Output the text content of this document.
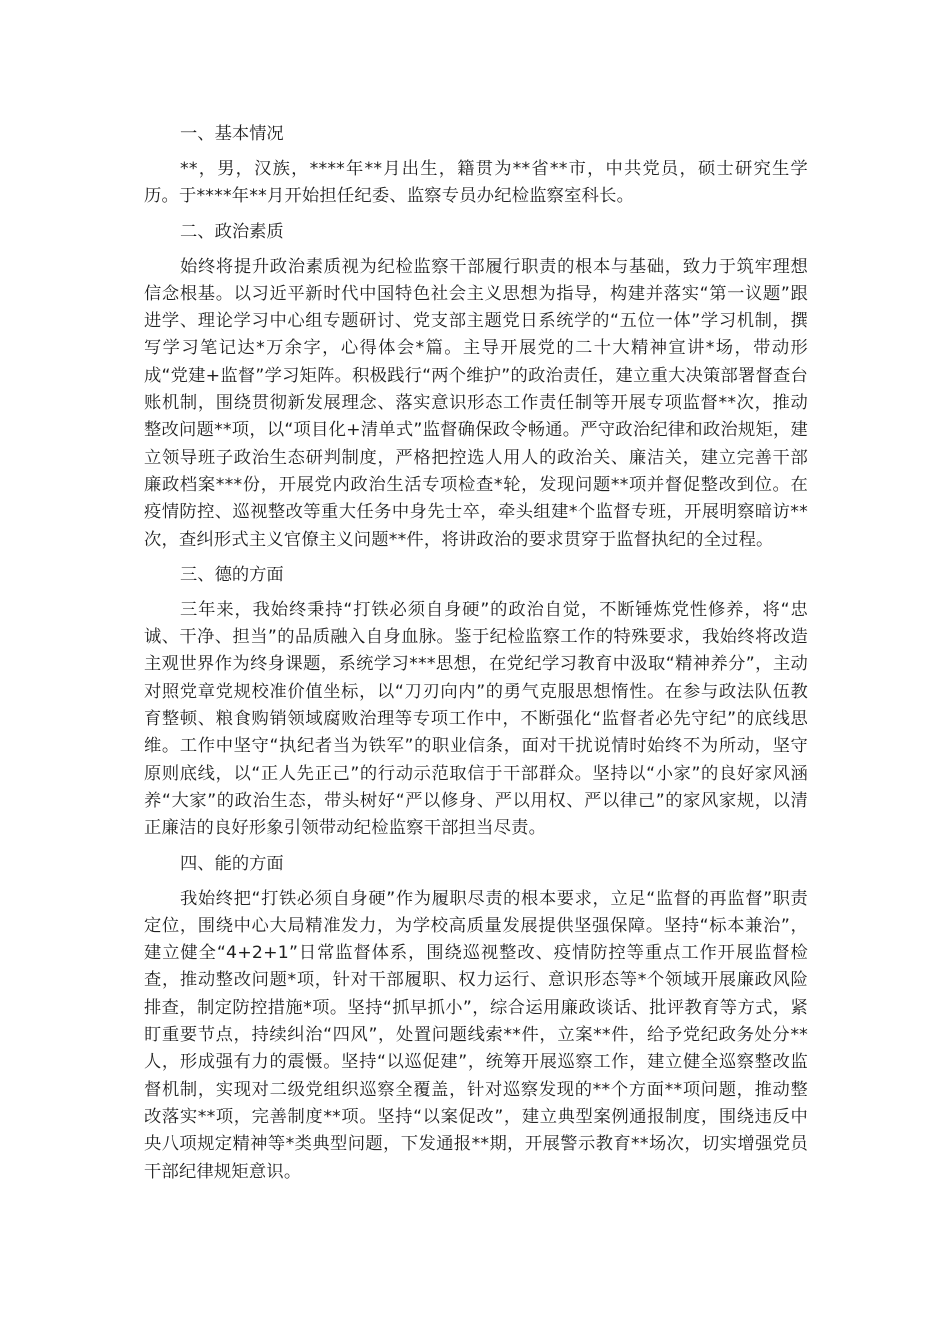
一、基本情况

**，男，汉族，****年**月出生，籍贯为**省**市，中共党员，硕士研究生学历。于****年**月开始担任纪委、监察专员办纪检监察室科长。

二、政治素质

始终将提升政治素质视为纪检监察干部履行职责的根本与基础，致力于筑牢理想信念根基。以习近平新时代中国特色社会主义思想为指导，构建并落实“第一议题”跟进学、理论学习中心组专题研讨、党支部主题党日系统学的“五位一体”学习机制，撰写学习笔记达*万余字，心得体会*篇。主导开展党的二十大精神宣讲*场，带动形成“党建+监督”学习矩阵。积极践行“两个维护”的政治责任，建立重大决策部署督查台账机制，围绕贯彻新发展理念、落实意识形态工作责任制等开展专项监督**次，推动整改问题**项，以“项目化+清单式”监督确保政令畅通。严守政治纪律和政治规矩，建立领导班子政治生态研判制度，严格把控选人用人的政治关、廉洁关，建立完善干部廉政档案***份，开展党内政治生活专项检查*轮，发现问题**项并督促整改到位。在疫情防控、巡视整改等重大任务中身先士卒，牵头组建*个监督专班，开展明察暗访**次，查纠形式主义官僚主义问题**件，将讲政治的要求贯穿于监督执纪的全过程。

三、德的方面

三年来，我始终秉持“打铁必须自身硬”的政治自觉，不断锤炼党性修养，将“忠诚、干净、担当”的品质融入自身血脉。鉴于纪检监察工作的特殊要求，我始终将改造主观世界作为终身课题，系统学习***思想，在党纪学习教育中汲取“精神养分”，主动对照党章党规校准价值坐标，以“刀刃向内”的勇气克服思想惰性。在参与政法队伍教育整顿、粮食购销领域腐败治理等专项工作中，不断强化“监督者必先守纪”的底线思维。工作中坚守“执纪者当为铁军”的职业信条，面对干扰说情时始终不为所动，坚守原则底线，以“正人先正己”的行动示范取信于干部群众。坚持以“小家”的良好家风涵养“大家”的政治生态，带头树好“严以修身、严以用权、严以律己”的家风家规，以清正廉洁的良好形象引领带动纪检监察干部担当尽责。

四、能的方面

我始终把“打铁必须自身硬”作为履职尽责的根本要求，立足“监督的再监督”职责定位，围绕中心大局精准发力，为学校高质量发展提供坚强保障。坚持“标本兼治”，建立健全“4+2+1”日常监督体系，围绕巡视整改、疫情防控等重点工作开展监督检查，推动整改问题*项，针对干部履职、权力运行、意识形态等*个领域开展廉政风险排查，制定防控措施*项。坚持“抓早抓小”，综合运用廉政谈话、批评教育等方式，紧盯重要节点，持续纠治“四风”，处置问题线索**件，立案**件，给予党纪政务处分**人，形成强有力的震慑。坚持“以巡促建”，统筹开展巡察工作，建立健全巡察整改监督机制，实现对二级党组织巡察全覆盖，针对巡察发现的**个方面**项问题，推动整改落实**项，完善制度**项。坚持“以案促改”，建立典型案例通报制度，围绕违反中央八项规定精神等*类典型问题，下发通报**期，开展警示教育**场次，切实增强党员干部纪律规矩意识。
